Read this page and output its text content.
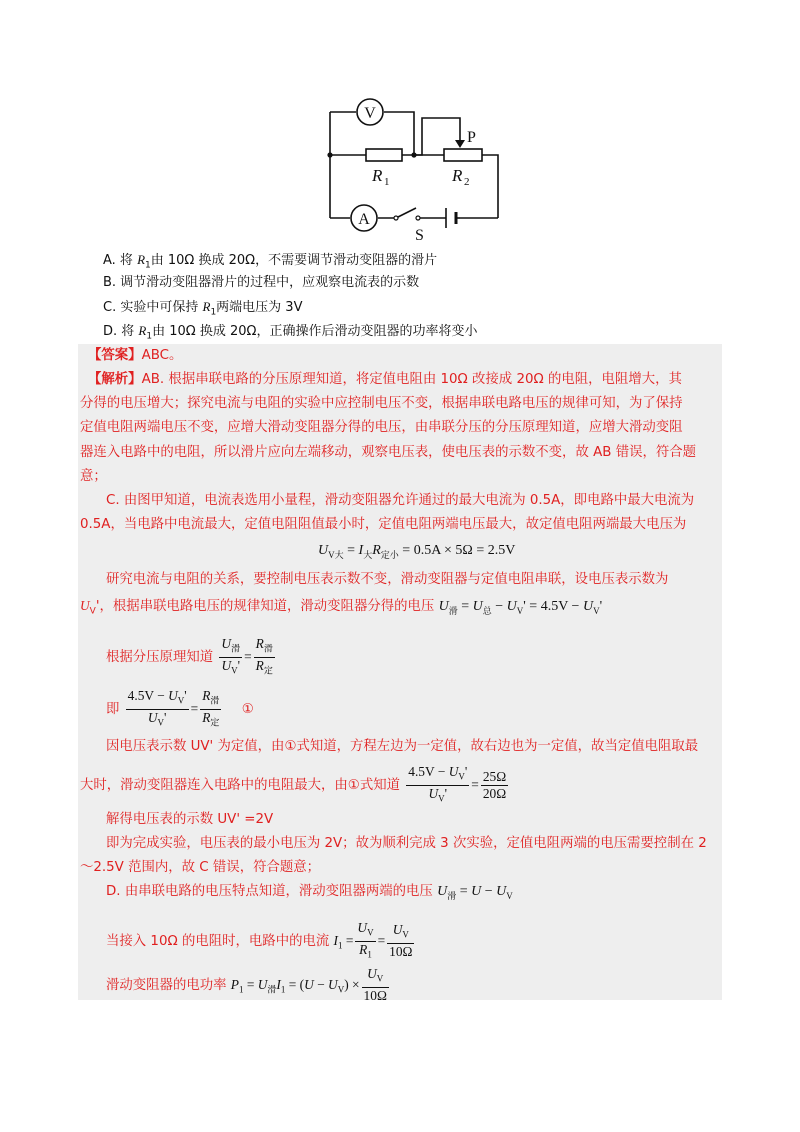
V
A
P
R 1	R 2
S
A. 将 $R_1$由 10Ω 换成 20Ω，不需要调节滑动变阻器的滑片
B. 调节滑动变阻器滑片的过程中，应观察电流表的示数
C. 实验中可保持 $R_1$两端电压为 3V
D. 将 $R_1$由 10Ω 换成 20Ω，正确操作后滑动变阻器的功率将变小
【答案】ABC。
【解析】AB. 根据串联电路的分压原理知道，将定值电阻由 10Ω 改接成 20Ω 的电阻，电阻增大，其
分得的电压增大；探究电流与电阻的实验中应控制电压不变，根据串联电路电压的规律可知，为了保持
定值电阻两端电压不变，应增大滑动变阻器分得的电压，由串联分压的分压原理知道，应增大滑动变阻
器连入电路中的电阻，所以滑片应向左端移动，观察电压表，使电压表的示数不变，故 AB 错误，符合题
意；
C. 由图甲知道，电流表选用小量程，滑动变阻器允许通过的最大电流为 0.5A，即电路中最大电流为
0.5A，当电路中电流最大，定值电阻阻值最小时，定值电阻两端电压最大，故定值电阻两端最大电压为
$U_{V大} = I_大R_{定小} = 0.5A \times 5\Omega = 2.5V$
研究电流与电阻的关系，要控制电压表示数不变，滑动变阻器与定值电阻串联，设电压表示数为
$U_V'$，根据串联电路电压的规律知道，滑动变阻器分得的电压 $U_滑 = U_总 - U_V' = 4.5V - U_V'$
根据分压原理知道 $\frac{U_滑}{U_V'} = \frac{R_滑}{R_定}$
即 $\frac{4.5V - U_V'}{U_V'} = \frac{R_滑}{R_定}$ ①
因电压表示数 UV' 为定值，由①式知道，方程左边为一定值，故右边也为一定值，故当定值电阻取最
大时，滑动变阻器连入电路中的电阻最大，由①式知道 $\frac{4.5V - U_V'}{U_V'} = \frac{25\Omega}{20\Omega}$
解得电压表的示数 UV' =2V
即为完成实验，电压表的最小电压为 2V；故为顺利完成 3 次实验，定值电阻两端的电压需要控制在 2
～2.5V 范围内，故 C 错误，符合题意；
D. 由串联电路的电压特点知道，滑动变阻器两端的电压 $U_滑 = U - U_V$
当接入 10Ω 的电阻时，电路中的电流 $I_1 = \frac{U_V}{R_1} = \frac{U_V}{10\Omega}$
滑动变阻器的电功率 $P_1 = U_滑I_1 = (U - U_V) \times \frac{U_V}{10\Omega}$
